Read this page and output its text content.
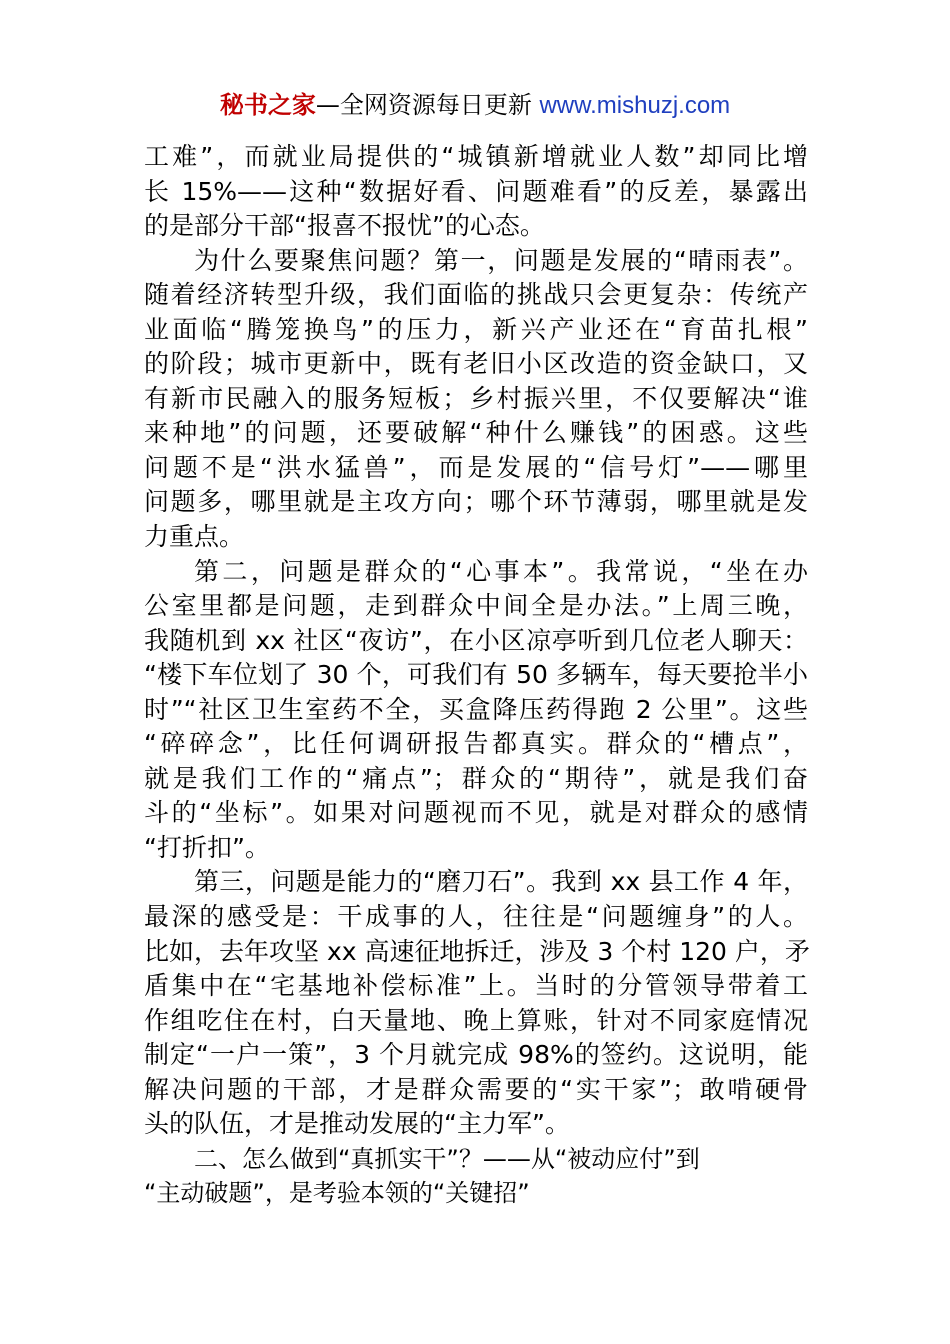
秘书之家—全网资源每日更新 www.mishuzj.com
工难”，而就业局提供的“城镇新增就业人数”却同比增
长 15%——这种“数据好看、问题难看”的反差，暴露出
的是部分干部“报喜不报忧”的心态。
为什么要聚焦问题？第一，问题是发展的“晴雨表”。
随着经济转型升级，我们面临的挑战只会更复杂：传统产
业面临“腾笼换鸟”的压力，新兴产业还在“育苗扎根”
的阶段；城市更新中，既有老旧小区改造的资金缺口，又
有新市民融入的服务短板；乡村振兴里，不仅要解决“谁
来种地”的问题，还要破解“种什么赚钱”的困惑。这些
问题不是“洪水猛兽”，而是发展的“信号灯”——哪里
问题多，哪里就是主攻方向；哪个环节薄弱，哪里就是发
力重点。
第二，问题是群众的“心事本”。我常说，“坐在办
公室里都是问题，走到群众中间全是办法。”上周三晚，
我随机到 xx 社区“夜访”，在小区凉亭听到几位老人聊天：
“楼下车位划了 30 个，可我们有 50 多辆车，每天要抢半小
时”“社区卫生室药不全，买盒降压药得跑 2 公里”。这些
“碎碎念”，比任何调研报告都真实。群众的“槽点”，
就是我们工作的“痛点”；群众的“期待”，就是我们奋
斗的“坐标”。如果对问题视而不见，就是对群众的感情
“打折扣”。
第三，问题是能力的“磨刀石”。我到 xx 县工作 4 年，
最深的感受是：干成事的人，往往是“问题缠身”的人。
比如，去年攻坚 xx 高速征地拆迁，涉及 3 个村 120 户，矛
盾集中在“宅基地补偿标准”上。当时的分管领导带着工
作组吃住在村，白天量地、晚上算账，针对不同家庭情况
制定“一户一策”，3 个月就完成 98%的签约。这说明，能
解决问题的干部，才是群众需要的“实干家”；敢啃硬骨
头的队伍，才是推动发展的“主力军”。
二、怎么做到“真抓实干”？——从“被动应付”到
“主动破题”，是考验本领的“关键招”
